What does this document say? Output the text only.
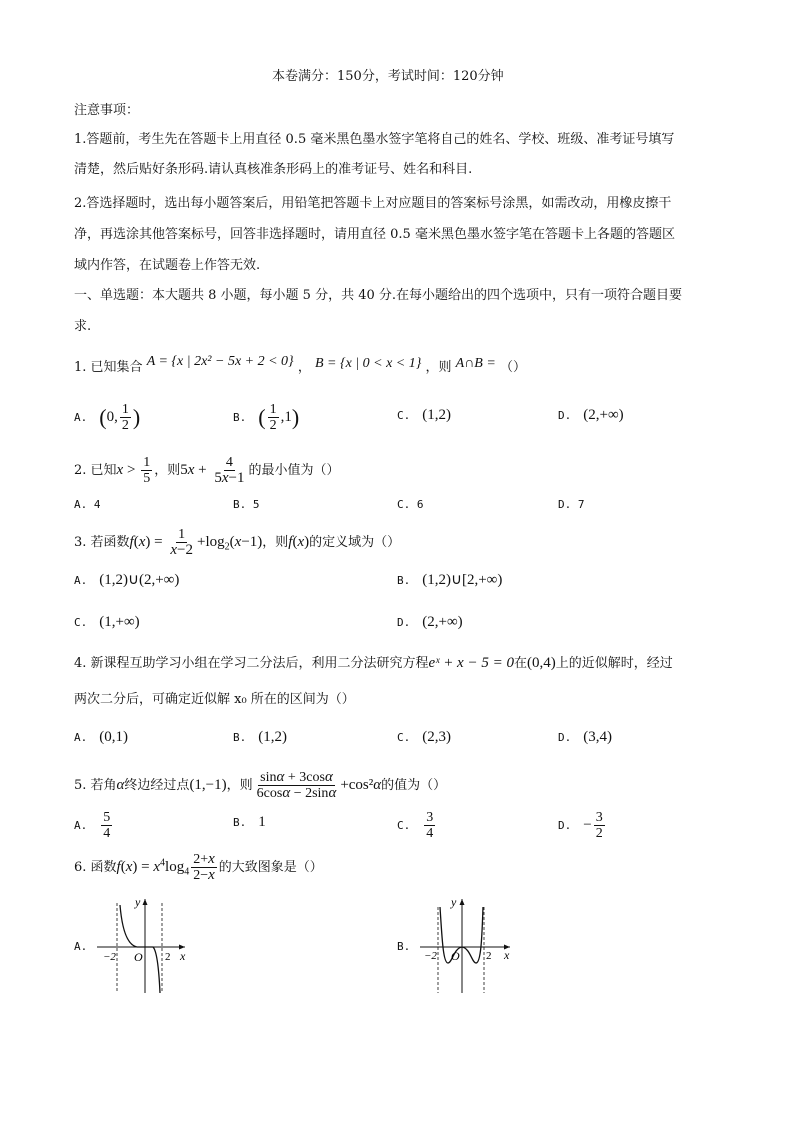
本卷满分：150分，考试时间：120分钟
注意事项：
1.答题前，考生先在答题卡上用直径 0.5 毫米黑色墨水签字笔将自己的姓名、学校、班级、准考证号填写
清楚，然后贴好条形码.请认真核准条形码上的准考证号、姓名和科目.
2.答选择题时，选出每小题答案后，用铅笔把答题卡上对应题目的答案标号涂黑，如需改动，用橡皮擦干
净，再选涂其他答案标号，回答非选择题时，请用直径 0.5 毫米黑色墨水签字笔在答题卡上各题的答题区
域内作答，在试题卷上作答无效.
一、单选题：本大题共 8 小题，每小题 5 分，共 40 分.在每小题给出的四个选项中，只有一项符合题目要
求.
1. 已知集合 A = {x | 2x² − 5x + 2 < 0} ， B = {x | 0 < x < 1} ，则 A∩B = （）
A. (0, $\frac{1}{2}$ )	B. ( $\frac{1}{2} ,1$)	C. (1,2)	D. (2,+∞)
2. 已知$x > \frac{1}{5}$ ，则$5x + \frac{4}{5x-1}$ 的最小值为（）
A. 4	B. 5	C. 6	D. 7
3. 若函数$f(x) = \frac{1}{x-2} +\log_2(x-1)$，则f(x)的定义域为（）
A. (1,2)∪(2,+∞)	B. (1,2)∪[2,+∞)
C. (1,+∞)	D. (2,+∞)
4. 新课程互助学习小组在学习二分法后，利用二分法研究方程eˣ + x − 5 = 0在(0,4)上的近似解时，经过
两次二分后，可确定近似解 x₀ 所在的区间为（）
A. (0,1)	B. (1,2)	C. (2,3)	D. (3,4)
5. 若角α终边经过点(1,−1)，则 $\frac{\sin\alpha + 3\cos\alpha}{6\cos\alpha - 2\sin\alpha} +\cos^2\alpha$的值为（）
A. $\frac{5}{4}$	B. 1	C. $\frac{3}{4}$	D. − $\frac{3}{2}$
6. 函数$f(x) = x^4\log_4 \frac{2+x}{2-x}$ 的大致图象是（）
A.
−2 O 2 x
y
B.
−2 O 2 x
y
